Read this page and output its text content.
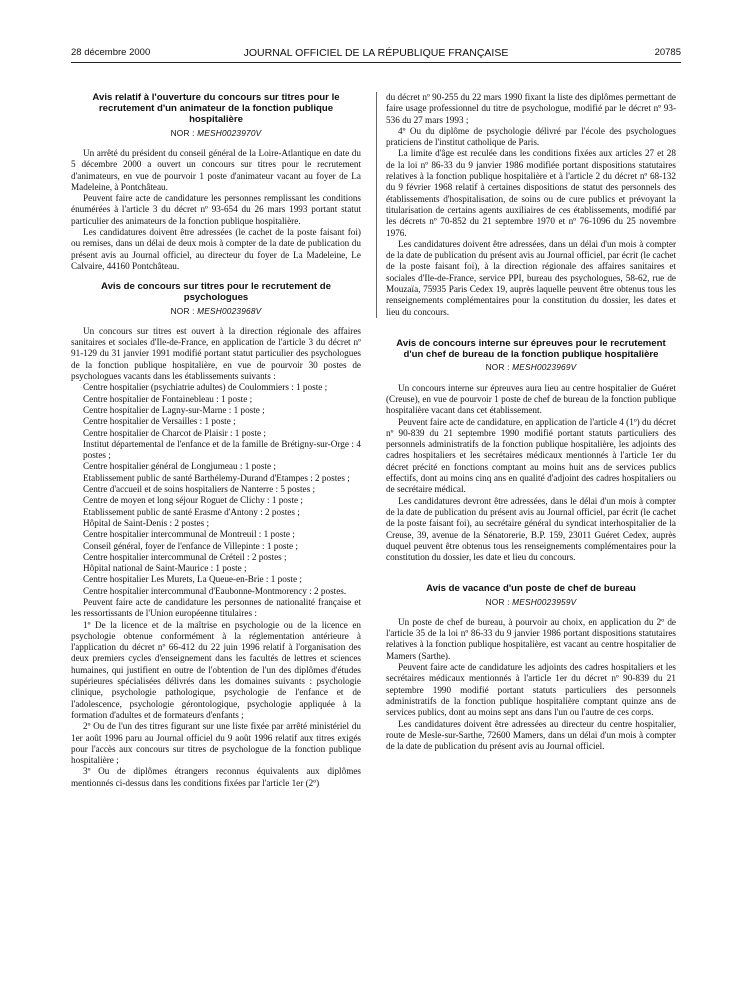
28 décembre 2000	JOURNAL OFFICIEL DE LA RÉPUBLIQUE FRANÇAISE	20785
Avis relatif à l'ouverture du concours sur titres pour le recrutement d'un animateur de la fonction publique hospitalière
NOR : MESH0023970V

Un arrêté du président du conseil général de la Loire-Atlantique en date du 5 décembre 2000 a ouvert un concours sur titres pour le recrutement d'animateurs, en vue de pourvoir 1 poste d'animateur vacant au foyer de La Madeleine, à Pontchâteau.

Peuvent faire acte de candidature les personnes remplissant les conditions énumérées à l'article 3 du décret nº 93-654 du 26 mars 1993 portant statut particulier des animateurs de la fonction publique hospitalière.

Les candidatures doivent être adressées (le cachet de la poste faisant foi) ou remises, dans un délai de deux mois à compter de la date de publication du présent avis au Journal officiel, au directeur du foyer de La Madeleine, Le Calvaire, 44160 Pontchâteau.

Avis de concours sur titres pour le recrutement de psychologues
NOR : MESH0023968V

Un concours sur titres est ouvert à la direction régionale des affaires sanitaires et sociales d'Ile-de-France, en application de l'article 3 du décret nº 91-129 du 31 janvier 1991 modifié portant statut particulier des psychologues de la fonction publique hospitalière, en vue de pourvoir 30 postes de psychologues vacants dans les établissements suivants :

Centre hospitalier (psychiatrie adultes) de Coulommiers : 1 poste ;

Centre hospitalier de Fontainebleau : 1 poste ;

Centre hospitalier de Lagny-sur-Marne : 1 poste ;

Centre hospitalier de Versailles : 1 poste ;

Centre hospitalier de Charcot de Plaisir : 1 poste ;

Institut départemental de l'enfance et de la famille de Brétigny-sur-Orge : 4 postes ;

Centre hospitalier général de Longjumeau : 1 poste ;

Etablissement public de santé Barthélemy-Durand d'Etampes : 2 postes ;

Centre d'accueil et de soins hospitaliers de Nanterre : 5 postes ;

Centre de moyen et long séjour Roguet de Clichy : 1 poste ;

Etablissement public de santé Erasme d'Antony : 2 postes ;

Hôpital de Saint-Denis : 2 postes ;

Centre hospitalier intercommunal de Montreuil : 1 poste ;

Conseil général, foyer de l'enfance de Villepinte : 1 poste ;

Centre hospitalier intercommunal de Créteil : 2 postes ;

Hôpital national de Saint-Maurice : 1 poste ;

Centre hospitalier Les Murets, La Queue-en-Brie : 1 poste ;

Centre hospitalier intercommunal d'Eaubonne-Montmorency : 2 postes.

Peuvent faire acte de candidature les personnes de nationalité française et les ressortissants de l'Union européenne titulaires :

1º De la licence et de la maîtrise en psychologie ou de la licence en psychologie obtenue conformément à la réglementation antérieure à l'application du décret nº 66-412 du 22 juin 1996 relatif à l'organisation des deux premiers cycles d'enseignement dans les facultés de lettres et sciences humaines, qui justifient en outre de l'obtention de l'un des diplômes d'études supérieures spécialisées délivrés dans les domaines suivants : psychologie clinique, psychologie pathologique, psychologie de l'enfance et de l'adolescence, psychologie gérontologique, psychologie appliquée à la formation d'adultes et de formateurs d'enfants ;

2º Ou de l'un des titres figurant sur une liste fixée par arrêté ministériel du 1er août 1996 paru au Journal officiel du 9 août 1996 relatif aux titres exigés pour l'accès aux concours sur titres de psychologue de la fonction publique hospitalière ;

3º Ou de diplômes étrangers reconnus équivalents aux diplômes mentionnés ci-dessus dans les conditions fixées par l'article 1er (2º)

du décret nº 90-255 du 22 mars 1990 fixant la liste des diplômes permettant de faire usage professionnel du titre de psychologue, modifié par le décret nº 93-536 du 27 mars 1993 ;

4º Ou du diplôme de psychologie délivré par l'école des psychologues praticiens de l'institut catholique de Paris.

La limite d'âge est reculée dans les conditions fixées aux articles 27 et 28 de la loi nº 86-33 du 9 janvier 1986 modifiée portant dispositions statutaires relatives à la fonction publique hospitalière et à l'article 2 du décret nº 68-132 du 9 février 1968 relatif à certaines dispositions de statut des personnels des établissements d'hospitalisation, de soins ou de cure publics et prévoyant la titularisation de certains agents auxiliaires de ces établissements, modifié par les décrets nº 70-852 du 21 septembre 1970 et nº 76-1096 du 25 novembre 1976.

Les candidatures doivent être adressées, dans un délai d'un mois à compter de la date de publication du présent avis au Journal officiel, par écrit (le cachet de la poste faisant foi), à la direction régionale des affaires sanitaires et sociales d'Ile-de-France, service PPI, bureau des psychologues, 58-62, rue de Mouzaïa, 75935 Paris Cedex 19, auprès laquelle peuvent être obtenus tous les renseignements complémentaires pour la constitution du dossier, les dates et lieu du concours.

Avis de concours interne sur épreuves pour le recrutement d'un chef de bureau de la fonction publique hospitalière
NOR : MESH0023969V

Un concours interne sur épreuves aura lieu au centre hospitalier de Guéret (Creuse), en vue de pourvoir 1 poste de chef de bureau de la fonction publique hospitalière vacant dans cet établissement.

Peuvent faire acte de candidature, en application de l'article 4 (1º) du décret nº 90-839 du 21 septembre 1990 modifié portant statuts particuliers des personnels administratifs de la fonction publique hospitalière, les adjoints des cadres hospitaliers et les secrétaires médicaux mentionnés à l'article 1er du décret précité en fonctions comptant au moins huit ans de services publics effectifs, dont au moins cinq ans en qualité d'adjoint des cadres hospitaliers ou de secrétaire médical.

Les candidatures devront être adressées, dans le délai d'un mois à compter de la date de publication du présent avis au Journal officiel, par écrit (le cachet de la poste faisant foi), au secrétaire général du syndicat interhospitalier de la Creuse, 39, avenue de la Sénatorerie, B.P. 159, 23011 Guéret Cedex, auprès duquel peuvent être obtenus tous les renseignements complémentaires pour la constitution du dossier, les date et lieu du concours.

Avis de vacance d'un poste de chef de bureau
NOR : MESH0023959V

Un poste de chef de bureau, à pourvoir au choix, en application du 2º de l'article 35 de la loi nº 86-33 du 9 janvier 1986 portant dispositions statutaires relatives à la fonction publique hospitalière, est vacant au centre hospitalier de Mamers (Sarthe).

Peuvent faire acte de candidature les adjoints des cadres hospitaliers et les secrétaires médicaux mentionnés à l'article 1er du décret nº 90-839 du 21 septembre 1990 modifié portant statuts particuliers des personnels administratifs de la fonction publique hospitalière comptant quinze ans de services publics, dont au moins sept ans dans l'un ou l'autre de ces corps.

Les candidatures doivent être adressées au directeur du centre hospitalier, route de Mesle-sur-Sarthe, 72600 Mamers, dans un délai d'un mois à compter de la date de publication du présent avis au Journal officiel.
